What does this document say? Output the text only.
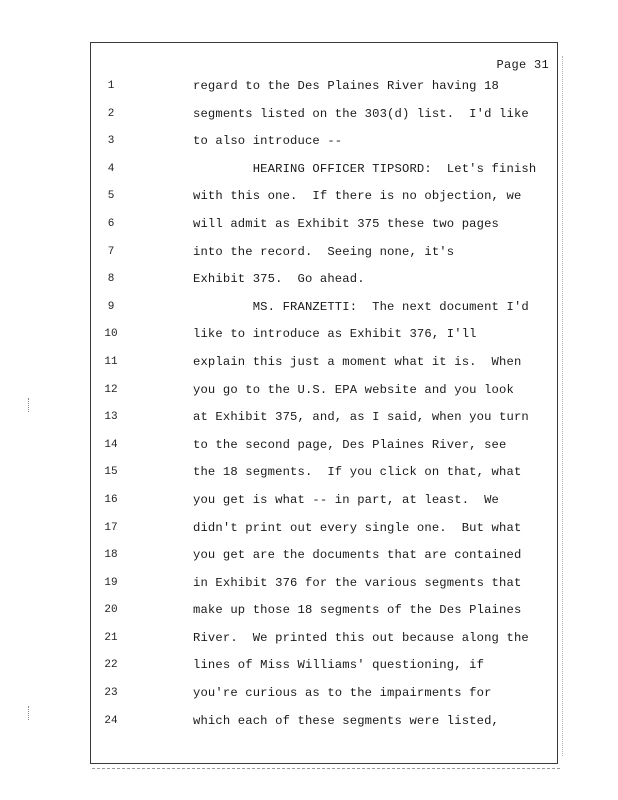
Page 31
1
2
3
4
5
6
7
8
9
10
11
12
13
14
15
16
17
18
19
20
21
22
23
24
regard to the Des Plaines River having 18
segments listed on the 303(d) list.  I'd like
to also introduce --
HEARING OFFICER TIPSORD:  Let's finish
with this one.  If there is no objection, we
will admit as Exhibit 375 these two pages
into the record.  Seeing none, it's
Exhibit 375.  Go ahead.
MS. FRANZETTI:  The next document I'd
like to introduce as Exhibit 376, I'll
explain this just a moment what it is.  When
you go to the U.S. EPA website and you look
at Exhibit 375, and, as I said, when you turn
to the second page, Des Plaines River, see
the 18 segments.  If you click on that, what
you get is what -- in part, at least.  We
didn't print out every single one.  But what
you get are the documents that are contained
in Exhibit 376 for the various segments that
make up those 18 segments of the Des Plaines
River.  We printed this out because along the
lines of Miss Williams' questioning, if
you're curious as to the impairments for
which each of these segments were listed,
